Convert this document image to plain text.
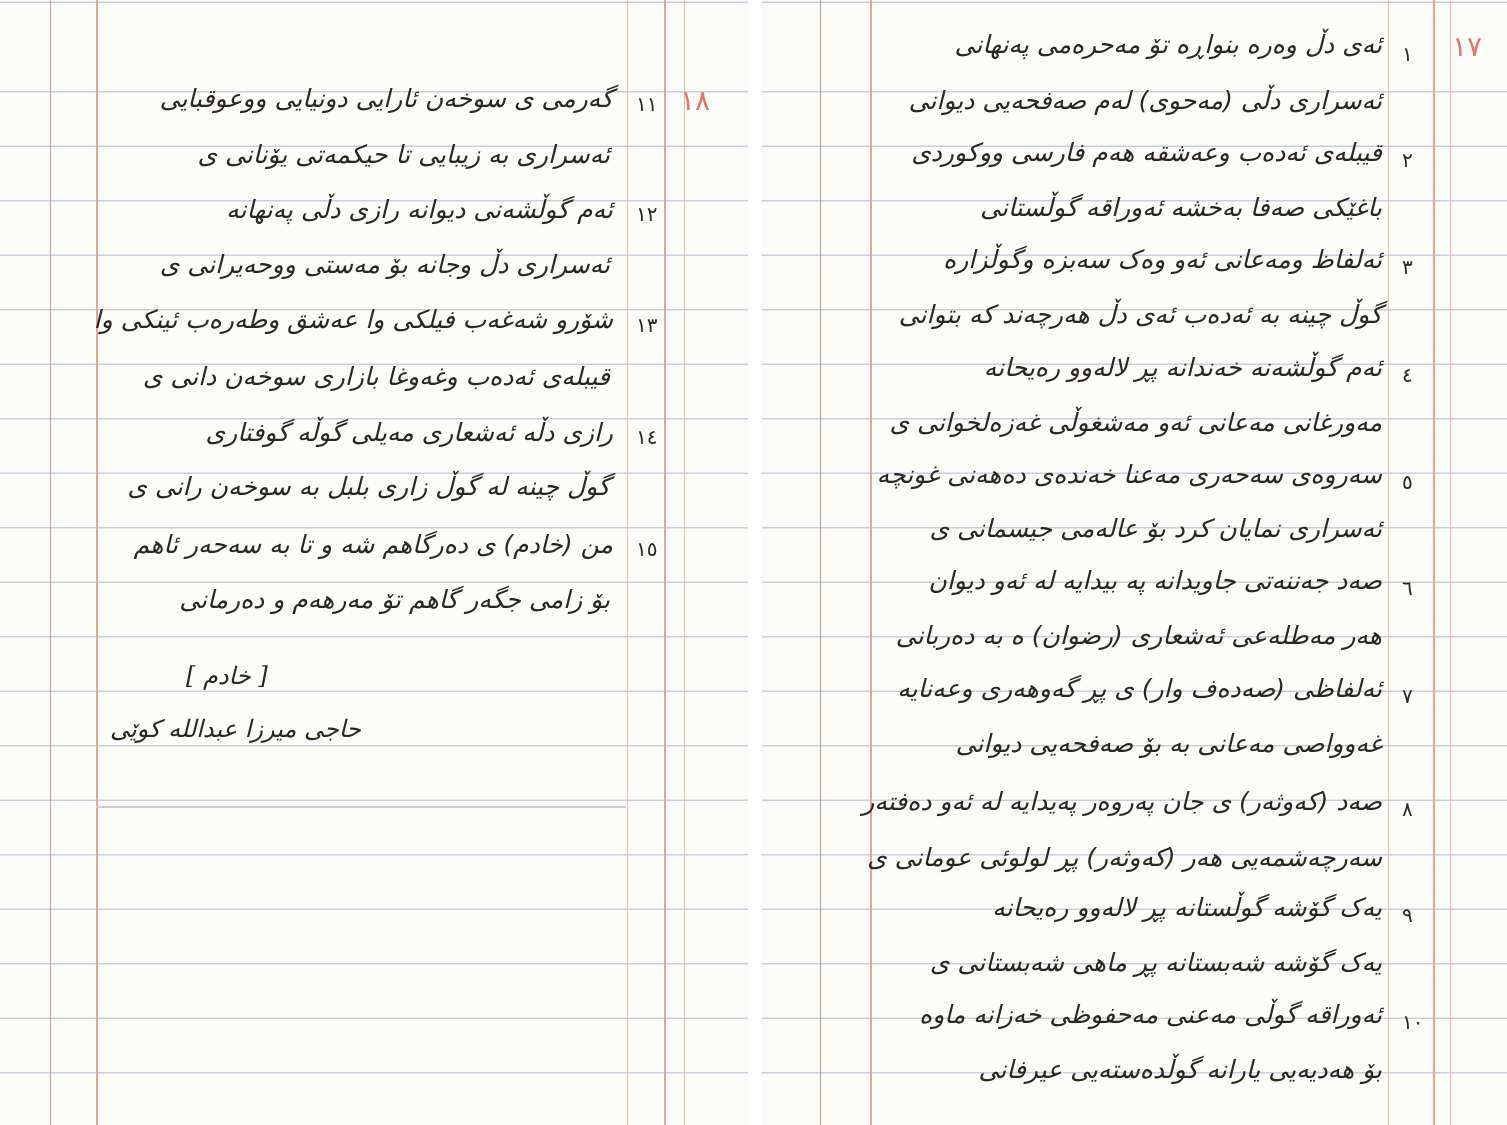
١٨
١١
گەرمی ی سوخەن ئارایی دونیایی ووعوقبایی
ئەسراری بە زیبایی تا حیکمەتی یۆنانی ی
١٢
ئەم گوڵشەنی دیوانە رازی دڵی پەنهانە
ئەسراری دڵ وجانە بۆ مەستی ووحەیرانی ی
١٣
شۆرو شەغەب فیلکی وا عەشق وطەرەب ئینکی وا
قیبلەی ئەدەب وغەوغا بازاری سوخەن دانی ی
١٤
رازی دڵە ئەشعاری مەیلی گوڵە گوفتاری
گوڵ چینە لە گوڵ زاری بلبل بە سوخەن رانی ی
١٥
من (خادم) ی دەرگاهم شە و تا بە سەحەر ئاهم
بۆ زامی جگەر گاهم تۆ مەرهەم و دەرمانی
[ خادم ]
حاجی میرزا عبدالله کوێی
١٧
١
ئەی دڵ وەرە بنواڕە تۆ مەحرەمی پەنهانی
ئەسراری دڵی (مەحوی) لەم صەفحەیی دیوانی
٢
قیبلەی ئەدەب وعەشقە هەم فارسی ووکوردی
باغێکی صەفا بەخشە ئەوراقە گوڵستانی
٣
ئەلفاظ ومەعانی ئەو وەک سەبزە وگوڵزارە
گوڵ چینە بە ئەدەب ئەی دڵ هەرچەند کە بتوانی
٤
ئەم گوڵشەنە خەندانە پڕ لالەوو رەیحانە
مەورغانی مەعانی ئەو مەشغوڵی غەزەلخوانی ی
٥
سەروەی سەحەری مەعنا خەندەی دەهەنی غونچە
ئەسراری نمایان کرد بۆ عالەمی جیسمانی ی
٦
صەد جەننەتی جاویدانە پە بیدایە لە ئەو دیوان
هەر مەطلەعی ئەشعاری (رضوان) ە بە دەربانی
٧
ئەلفاظی (صەدەف وار) ی پڕ گەوهەری وعەنایە
غەوواصی مەعانی بە بۆ صەفحەیی دیوانی
٨
صەد (کەوثەر) ی جان پەروەر پەیدایە لە ئەو دەفتەر
سەرچەشمەیی هەر (کەوثەر) پڕ لولوئی عومانی ی
٩
یەک گۆشە گوڵستانە پڕ لالەوو رەیحانە
یەک گۆشە شەبستانە پڕ ماهی شەبستانی ی
١٠
ئەوراقە گوڵی مەعنی مەحفوظی خەزانە ماوە
بۆ هەدیەیی یارانە گوڵدەستەیی عیرفانی
